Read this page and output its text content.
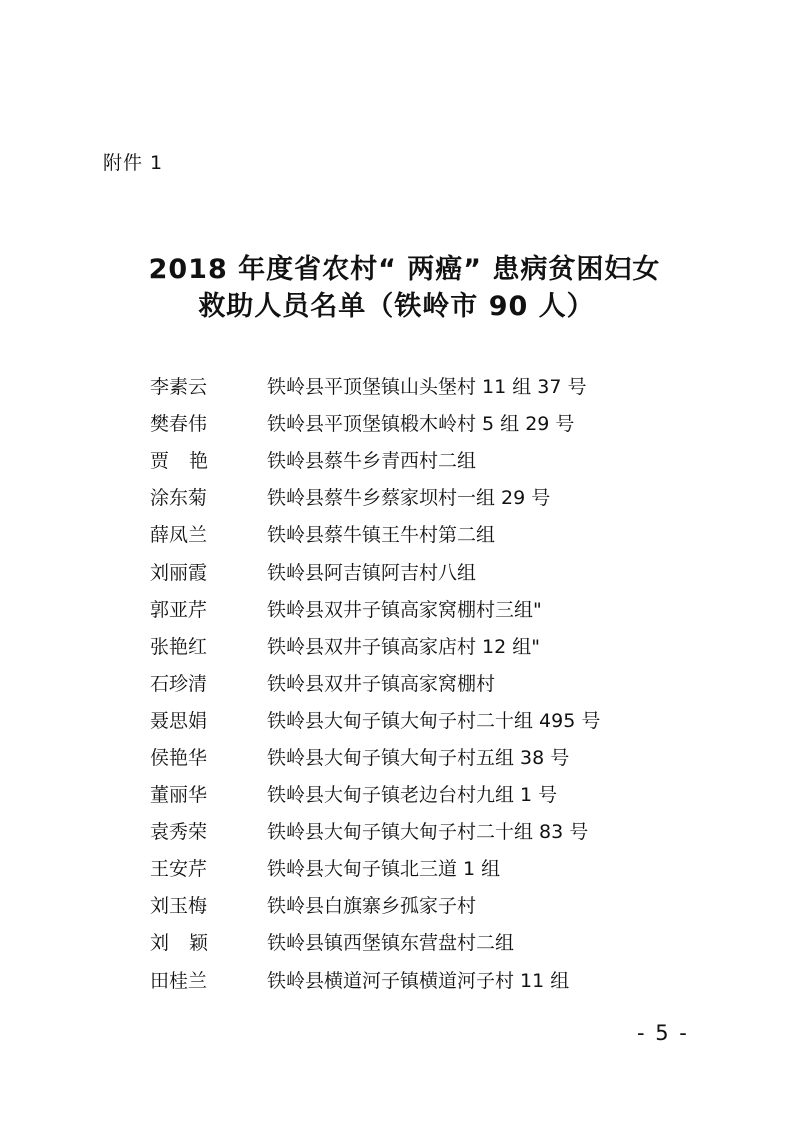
附件 1
2018 年度省农村“ 两癌” 患病贫困妇女
救助人员名单（铁岭市 90 人）
李素云	铁岭县平顶堡镇山头堡村 11 组 37 号
樊春伟	铁岭县平顶堡镇椴木岭村 5 组 29 号
贾艳	铁岭县蔡牛乡青西村二组
涂东菊	铁岭县蔡牛乡蔡家坝村一组 29 号
薛凤兰	铁岭县蔡牛镇王牛村第二组
刘丽霞	铁岭县阿吉镇阿吉村八组
郭亚芹	铁岭县双井子镇高家窝棚村三组"
张艳红	铁岭县双井子镇高家店村 12 组"
石珍清	铁岭县双井子镇高家窝棚村
聂思娟	铁岭县大甸子镇大甸子村二十组 495 号
侯艳华	铁岭县大甸子镇大甸子村五组 38 号
董丽华	铁岭县大甸子镇老边台村九组 1 号
袁秀荣	铁岭县大甸子镇大甸子村二十组 83 号
王安芹	铁岭县大甸子镇北三道 1 组
刘玉梅	铁岭县白旗寨乡孤家子村
刘颖	铁岭县镇西堡镇东营盘村二组
田桂兰	铁岭县横道河子镇横道河子村 11 组
- 5 -
